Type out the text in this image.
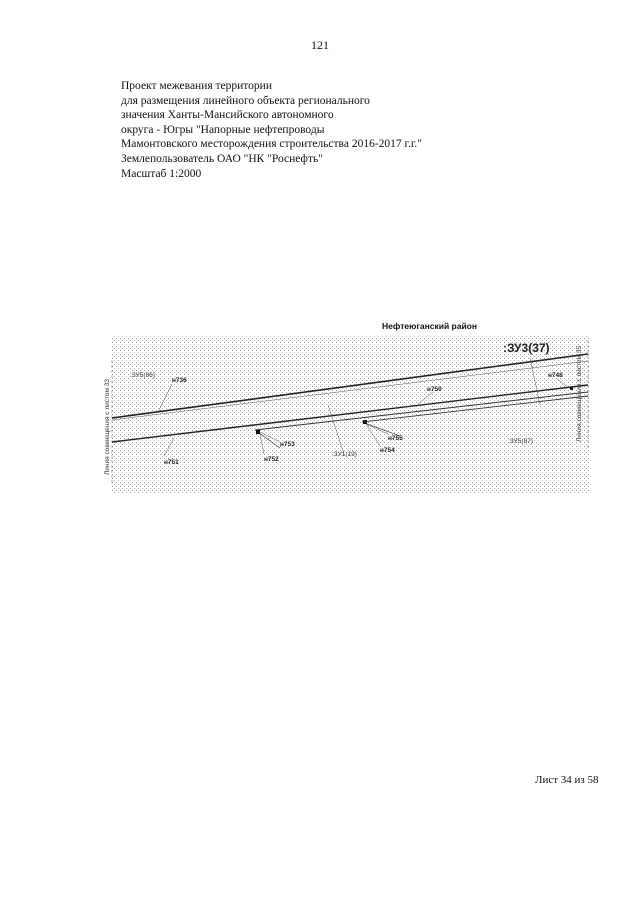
121
Проект межевания территории
для размещения линейного объекта регионального
значения Ханты-Мансийского автономного
округа - Югры "Напорные нефтепроводы
Мамонтовского месторождения строительства 2016-2017 г.г."
Землепользователь ОАО "НК "Роснефть"
Масштаб 1:2000
Нефтеюганский район
Линия совмещения с листом 33	Линия совмещения с листом 35
:ЗУ3(37)
:ЗУ5(86)
:ЗУ5(87)
:ЗУ1(19)
н736
н748
н750
н751	н752
н753
н754
н755
Лист 34 из 58
